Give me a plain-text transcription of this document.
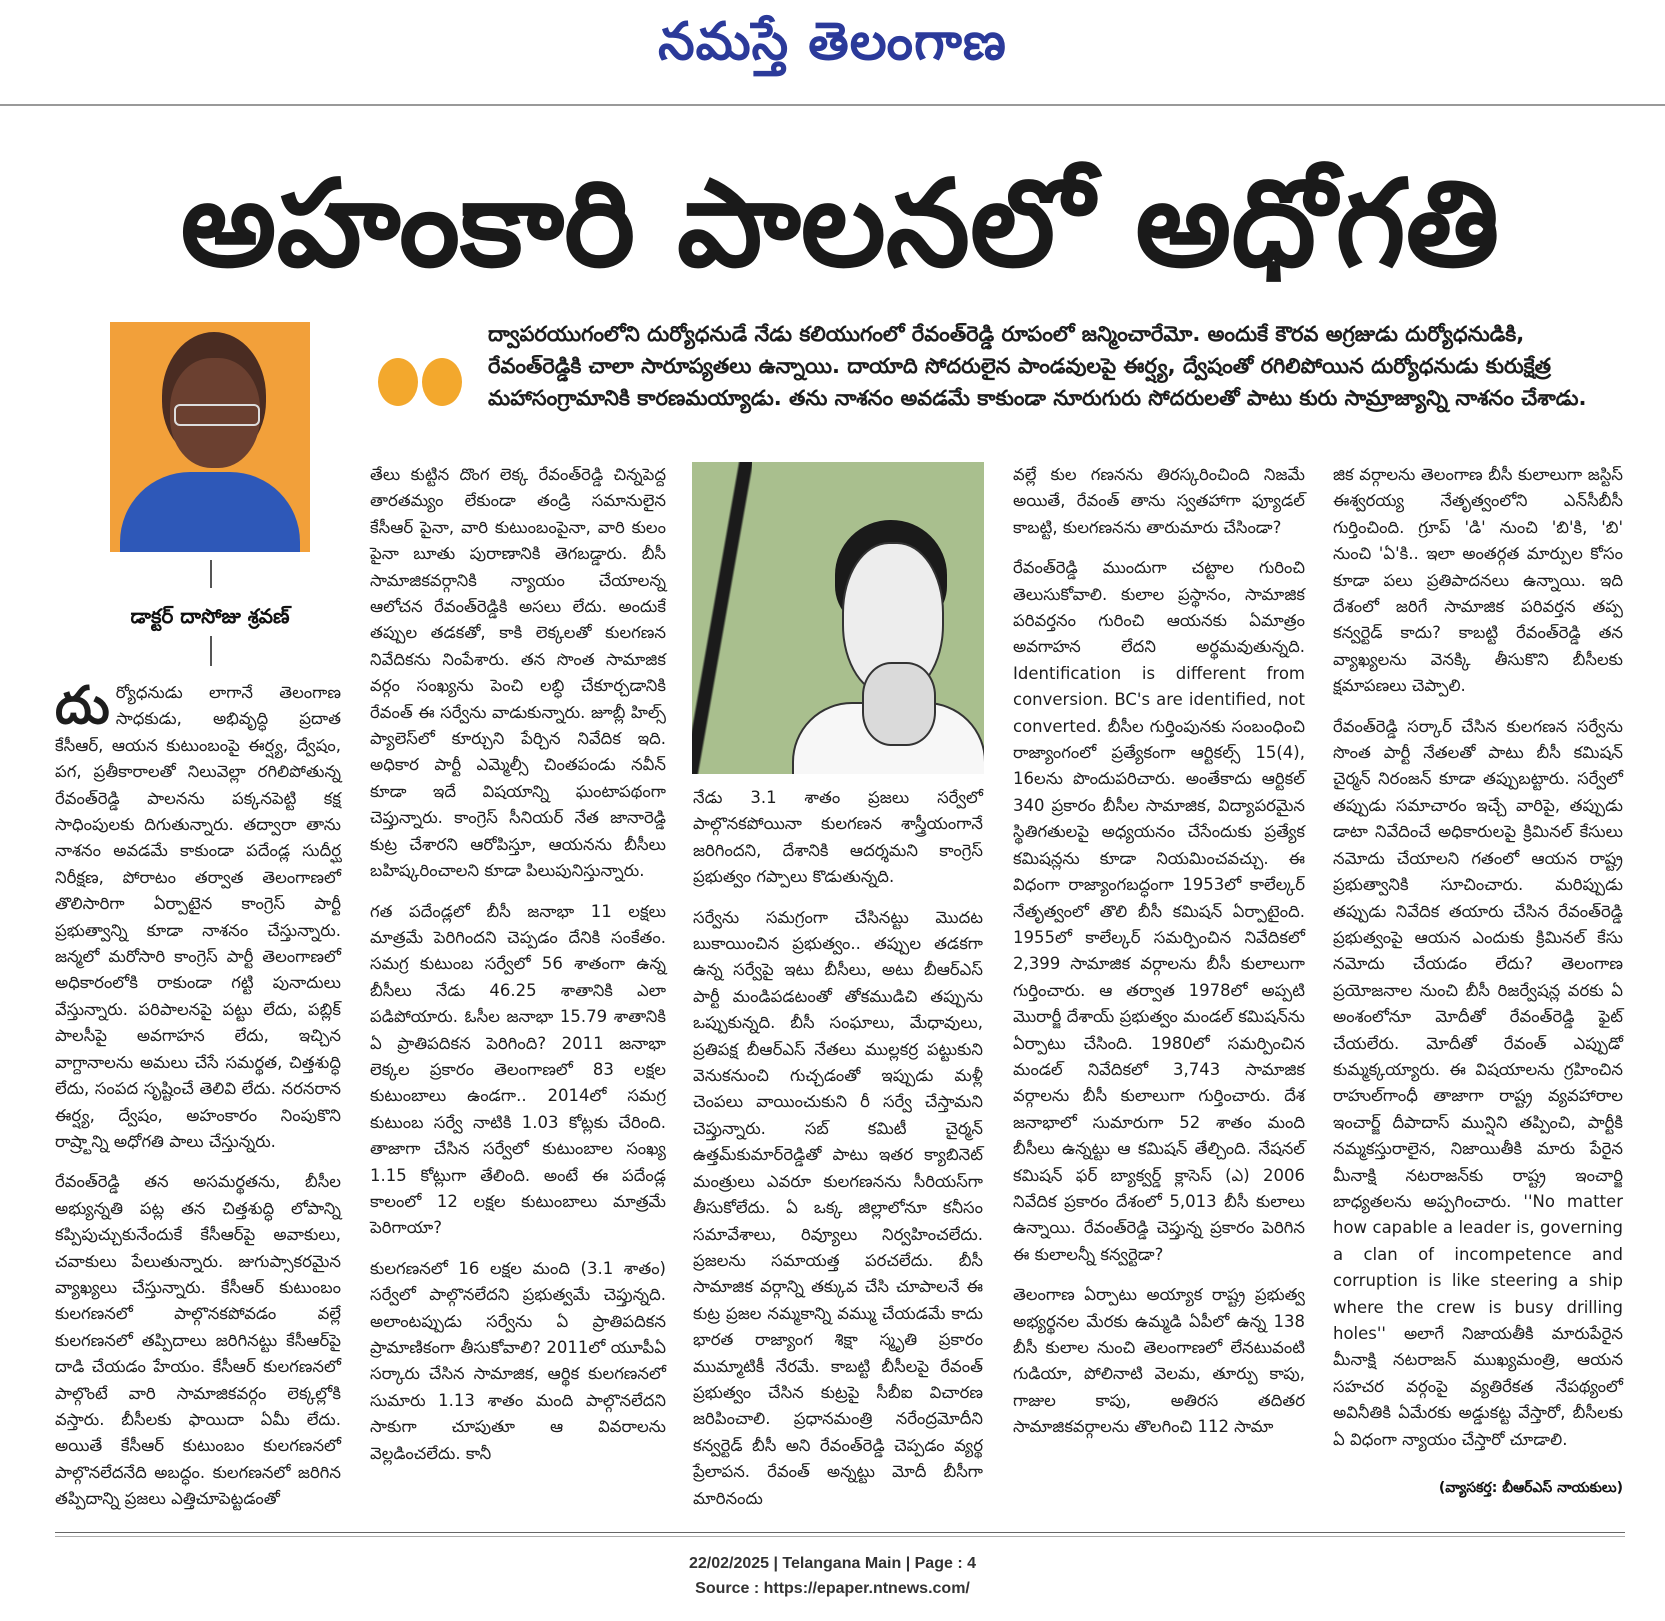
నమస్తే తెలంగాణ
అహంకారి పాలనలో అధోగతి
డాక్టర్ దాసోజు శ్రవణ్

ద్వాపరయుగంలోని దుర్యోధనుడే నేడు కలియుగంలో రేవంత్‌రెడ్డి రూపంలో జన్మించారేమో. అందుకే కౌరవ అగ్రజుడు దుర్యోధనుడికి,

రేవంత్‌రెడ్డికి చాలా సారూప్యతలు ఉన్నాయి. దాయాది సోదరులైన పాండవులపై ఈర్ష్య, ద్వేషంతో రగిలిపోయిన దుర్యోధనుడు కురుక్షేత్ర

మహాసంగ్రామానికి కారణమయ్యాడు. తను నాశనం అవడమే కాకుండా నూరుగురు సోదరులతో పాటు కురు సామ్రాజ్యాన్ని నాశనం చేశాడు.

దుర్యోధనుడు లాగానే తెలంగాణ సాధకుడు, అభివృద్ధి ప్రదాత కేసీఆర్, ఆయన కుటుంబంపై ఈర్ష్య, ద్వేషం, పగ, ప్రతీకారాలతో నిలువెల్లా రగిలిపోతున్న రేవంత్‌రెడ్డి పాలనను పక్కనపెట్టి కక్ష సాధింపులకు దిగుతున్నారు. తద్వారా తాను నాశనం అవడమే కాకుండా పదేండ్ల సుదీర్ఘ నిరీక్షణ, పోరాటం తర్వాత తెలంగాణలో తొలిసారిగా ఏర్పాటైన కాంగ్రెస్ పార్టీ ప్రభుత్వాన్ని కూడా నాశనం చేస్తున్నారు. జన్మలో మరోసారి కాంగ్రెస్ పార్టీ తెలంగాణలో అధికారంలోకి రాకుండా గట్టి పునాదులు వేస్తున్నారు. పరిపాలనపై పట్టు లేదు, పబ్లిక్ పాలసీపై అవగాహన లేదు, ఇచ్చిన వాగ్దానాలను అమలు చేసే సమర్థత, చిత్తశుద్ధి లేదు, సంపద సృష్టించే తెలివి లేదు. నరనరాన ఈర్ష్య, ద్వేషం, అహంకారం నింపుకొని రాష్ర్టాన్ని అధోగతి పాలు చేస్తున్నరు.

రేవంత్‌రెడ్డి తన అసమర్థతను, బీసీల అభ్యున్నతి పట్ల తన చిత్తశుద్ధి లోపాన్ని కప్పిపుచ్చుకునేందుకే కేసీఆర్‌పై అవాకులు, చవాకులు పేలుతున్నారు. జుగుప్సాకరమైన వ్యాఖ్యలు చేస్తున్నారు. కేసీఆర్ కుటుంబం కులగణనలో పాల్గొనకపోవడం వల్లే కులగణనలో తప్పిదాలు జరిగినట్టు కేసీఆర్‌పై దాడి చేయడం హేయం. కేసీఆర్ కులగణనలో పాల్గొంటే వారి సామాజికవర్గం లెక్కల్లోకి వస్తారు. బీసీలకు ఫాయిదా ఏమీ లేదు. అయితే కేసీఆర్ కుటుంబం కులగణనలో పాల్గొనలేదనేది అబద్ధం. కులగణనలో జరిగిన తప్పిదాన్ని ప్రజలు ఎత్తిచూపెట్టడంతో

తేలు కుట్టిన దొంగ లెక్క రేవంత్‌రెడ్డి చిన్నపెద్ద తారతమ్యం లేకుండా తండ్రి సమానులైన కేసీఆర్ పైనా, వారి కుటుంబంపైనా, వారి కులం పైనా బూతు పురాణానికి తెగబడ్డారు. బీసీ సామాజికవర్గానికి న్యాయం చేయాలన్న ఆలోచన రేవంత్‌రెడ్డికి అసలు లేదు. అందుకే తప్పుల తడకతో, కాకి లెక్కలతో కులగణన నివేదికను నింపేశారు. తన సొంత సామాజిక వర్గం సంఖ్యను పెంచి లబ్ధి చేకూర్చడానికి రేవంత్ ఈ సర్వేను వాడుకున్నారు. జూబ్లీ హిల్స్ ప్యాలెస్‌లో కూర్చుని పేర్చిన నివేదిక ఇది. అధికార పార్టీ ఎమ్మెల్సీ చింతపండు నవీన్ కూడా ఇదే విషయాన్ని ఘంటాపథంగా చెప్తున్నారు. కాంగ్రెస్ సీనియర్ నేత జానారెడ్డి కుట్ర చేశారని ఆరోపిస్తూ, ఆయనను బీసీలు బహిష్కరించాలని కూడా పిలుపునిస్తున్నారు.

గత పదేండ్లలో బీసీ జనాభా 11 లక్షలు మాత్రమే పెరిగిందని చెప్పడం దేనికి సంకేతం. సమగ్ర కుటుంబ సర్వేలో 56 శాతంగా ఉన్న బీసీలు నేడు 46.25 శాతానికి ఎలా పడిపోయారు. ఓసీల జనాభా 15.79 శాతానికి ఏ ప్రాతిపదికన పెరిగింది? 2011 జనాభా లెక్కల ప్రకారం తెలంగాణలో 83 లక్షల కుటుంబాలు ఉండగా.. 2014లో సమగ్ర కుటుంబ సర్వే నాటికి 1.03 కోట్లకు చేరింది. తాజాగా చేసిన సర్వేలో కుటుంబాల సంఖ్య 1.15 కోట్లుగా తేలింది. అంటే ఈ పదేండ్ల కాలంలో 12 లక్షల కుటుంబాలు మాత్రమే పెరిగాయా?

కులగణనలో 16 లక్షల మంది (3.1 శాతం) సర్వేలో పాల్గొనలేదని ప్రభుత్వమే చెప్తున్నది. అలాంటప్పుడు సర్వేను ఏ ప్రాతిపదికన ప్రామాణికంగా తీసుకోవాలి? 2011లో యూపీఏ సర్కారు చేసిన సామాజిక, ఆర్థిక కులగణనలో సుమారు 1.13 శాతం మంది పాల్గొనలేదని సాకుగా చూపుతూ ఆ వివరాలను వెల్లడించలేదు. కానీ

నేడు 3.1 శాతం ప్రజలు సర్వేలో పాల్గొనకపోయినా కులగణన శాస్త్రీయంగానే జరిగిందని, దేశానికి ఆదర్శమని కాంగ్రెస్ ప్రభుత్వం గప్పాలు కొడుతున్నది.

సర్వేను సమగ్రంగా చేసినట్టు మొదట బుకాయించిన ప్రభుత్వం.. తప్పుల తడకగా ఉన్న సర్వేపై ఇటు బీసీలు, అటు బీఆర్‌ఎస్ పార్టీ మండిపడటంతో తోకముడిచి తప్పును ఒప్పుకున్నది. బీసీ సంఘాలు, మేధావులు, ప్రతిపక్ష బీఆర్‌ఎస్ నేతలు ముల్లకర్ర పట్టుకుని వెనుకనుంచి గుచ్చడంతో ఇప్పుడు మళ్లీ చెంపలు వాయించుకుని రీ సర్వే చేస్తామని చెప్తున్నారు. సబ్ కమిటీ చైర్మన్ ఉత్తమ్‌కుమార్‌రెడ్డితో పాటు ఇతర క్యాబినెట్ మంత్రులు ఎవరూ కులగణనను సీరియస్‌గా తీసుకోలేదు. ఏ ఒక్క జిల్లాలోనూ కనీసం సమావేశాలు, రివ్యూలు నిర్వహించలేదు. ప్రజలను సమాయత్త పరచలేదు. బీసీ సామాజిక వర్గాన్ని తక్కువ చేసి చూపాలనే ఈ కుట్ర ప్రజల నమ్మకాన్ని వమ్ము చేయడమే కాదు భారత రాజ్యాంగ శిక్షా స్మృతి ప్రకారం ముమ్మాటికీ నేరమే. కాబట్టి బీసీలపై రేవంత్ ప్రభుత్వం చేసిన కుట్రపై సీబీఐ విచారణ జరిపించాలి. ప్రధానమంత్రి నరేంద్రమోదీని కన్వర్టెడ్ బీసీ అని రేవంత్‌రెడ్డి చెప్పడం వ్యర్థ ప్రేలాపన. రేవంత్ అన్నట్టు మోదీ బీసీగా మారినందు

వల్లే కుల గణనను తిరస్కరించింది నిజమే అయితే, రేవంత్ తాను స్వతహాగా ఫ్యూడల్ కాబట్టి, కులగణనను తారుమారు చేసిండా?

రేవంత్‌రెడ్డి ముందుగా చట్టాల గురించి తెలుసుకోవాలి. కులాల ప్రస్థానం, సామాజిక పరివర్తనం గురించి ఆయనకు ఏమాత్రం అవగాహన లేదని అర్థమవుతున్నది. Identification is different from conversion. BC's are identified, not converted. బీసీల గుర్తింపునకు సంబంధించి రాజ్యాంగంలో ప్రత్యేకంగా ఆర్టికల్స్ 15(4), 16లను పొందుపరిచారు. అంతేకాదు ఆర్టికల్ 340 ప్రకారం బీసీల సామాజిక, విద్యాపరమైన స్థితిగతులపై అధ్యయనం చేసేందుకు ప్రత్యేక కమిషన్లను కూడా నియమించవచ్చు. ఈ విధంగా రాజ్యాంగబద్ధంగా 1953లో కాలేల్కర్ నేతృత్వంలో తొలి బీసీ కమిషన్ ఏర్పాటైంది. 1955లో కాలేల్కర్ సమర్పించిన నివేదికలో 2,399 సామాజిక వర్గాలను బీసీ కులాలుగా గుర్తించారు. ఆ తర్వాత 1978లో అప్పటి మొరార్జీ దేశాయ్ ప్రభుత్వం మండల్ కమిషన్‌ను ఏర్పాటు చేసింది. 1980లో సమర్పించిన మండల్ నివేదికలో 3,743 సామాజిక వర్గాలను బీసీ కులాలుగా గుర్తించారు. దేశ జనాభాలో సుమారుగా 52 శాతం మంది బీసీలు ఉన్నట్టు ఆ కమిషన్ తేల్చింది. నేషనల్ కమిషన్ ఫర్ బ్యాక్వర్డ్ క్లాసెస్ (ఎ) 2006 నివేదిక ప్రకారం దేశంలో 5,013 బీసీ కులాలు ఉన్నాయి. రేవంత్‌రెడ్డి చెప్తున్న ప్రకారం పెరిగిన ఈ కులాలన్నీ కన్వర్టెడా?

తెలంగాణ ఏర్పాటు అయ్యాక రాష్ట్ర ప్రభుత్వ అభ్యర్థనల మేరకు ఉమ్మడి ఏపీలో ఉన్న 138 బీసీ కులాల నుంచి తెలంగాణలో లేనటువంటి గుడియా, పోలినాటి వెలమ, తూర్పు కాపు, గాజుల కాపు, అతిరస తదితర సామాజికవర్గాలను తొలగించి 112 సామా

జిక వర్గాలను తెలంగాణ బీసీ కులాలుగా జస్టిస్ ఈశ్వరయ్య నేతృత్వంలోని ఎన్‌సీబీసీ గుర్తించింది. గ్రూప్ 'డి' నుంచి 'బి'కి, 'బి' నుంచి 'ఏ'కి.. ఇలా అంతర్గత మార్పుల కోసం కూడా పలు ప్రతిపాదనలు ఉన్నాయి. ఇది దేశంలో జరిగే సామాజిక పరివర్తన తప్ప కన్వర్టెడ్ కాదు? కాబట్టి రేవంత్‌రెడ్డి తన వ్యాఖ్యలను వెనక్కి తీసుకొని బీసీలకు క్షమాపణలు చెప్పాలి.

రేవంత్‌రెడ్డి సర్కార్ చేసిన కులగణన సర్వేను సొంత పార్టీ నేతలతో పాటు బీసీ కమిషన్ చైర్మన్ నిరంజన్ కూడా తప్పుబట్టారు. సర్వేలో తప్పుడు సమాచారం ఇచ్చే వారిపై, తప్పుడు డాటా నివేదించే అధికారులపై క్రిమినల్ కేసులు నమోదు చేయాలని గతంలో ఆయన రాష్ట్ర ప్రభుత్వానికి సూచించారు. మరిప్పుడు తప్పుడు నివేదిక తయారు చేసిన రేవంత్‌రెడ్డి ప్రభుత్వంపై ఆయన ఎందుకు క్రిమినల్ కేసు నమోదు చేయడం లేదు? తెలంగాణ ప్రయోజనాల నుంచి బీసీ రిజర్వేషన్ల వరకు ఏ అంశంలోనూ మోదీతో రేవంత్‌రెడ్డి ఫైట్ చేయలేరు. మోదీతో రేవంత్ ఎప్పుడో కుమ్మక్కయ్యారు. ఈ విషయాలను గ్రహించిన రాహుల్‌గాంధీ తాజాగా రాష్ట్ర వ్యవహారాల ఇంచార్జ్ దీపాదాస్ మున్షిని తప్పించి, పార్టీకి నమ్మకస్తురాలైన, నిజాయితీకి మారు పేరైన మీనాక్షి నటరాజన్‌కు రాష్ట్ర ఇంచార్జి బాధ్యతలను అప్పగించారు. ''No matter how capable a leader is, governing a clan of incompetence and corruption is like steering a ship where the crew is busy drilling holes'' అలాగే నిజాయతీకి మారుపేరైన మీనాక్షి నటరాజన్ ముఖ్యమంత్రి, ఆయన సహచర వర్గంపై వ్యతిరేకత నేపథ్యంలో అవినీతికి ఏమేరకు అడ్డుకట్ట వేస్తారో, బీసీలకు ఏ విధంగా న్యాయం చేస్తారో చూడాలి.

(వ్యాసకర్త: బీఆర్‌ఎస్ నాయకులు)
22/02/2025 | Telangana Main | Page : 4
Source : https://epaper.ntnews.com/
